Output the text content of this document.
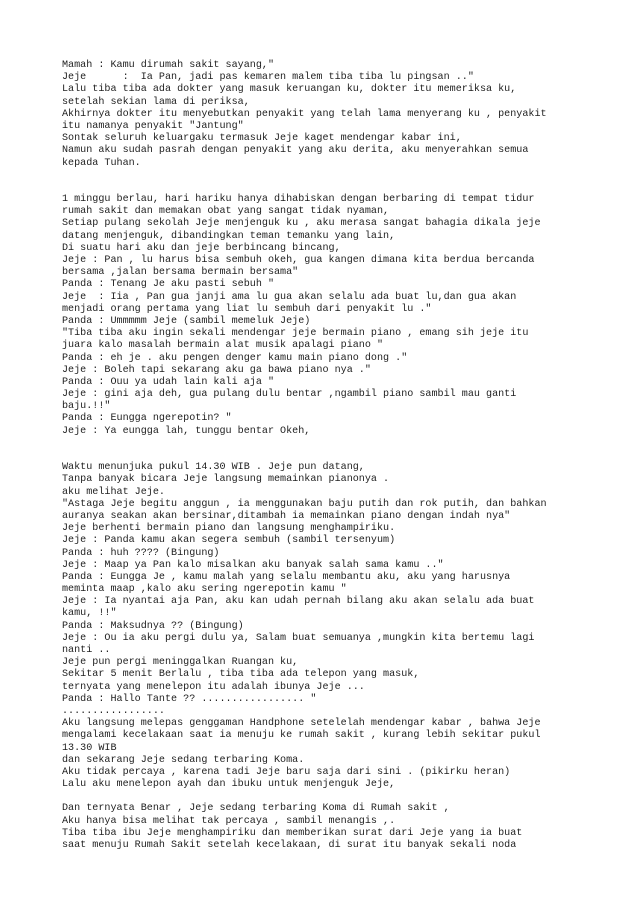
Mamah : Kamu dirumah sakit sayang,"
Jeje      :  Ia Pan, jadi pas kemaren malem tiba tiba lu pingsan .."
Lalu tiba tiba ada dokter yang masuk keruangan ku, dokter itu memeriksa ku,
setelah sekian lama di periksa,
Akhirnya dokter itu menyebutkan penyakit yang telah lama menyerang ku , penyakit
itu namanya penyakit "Jantung"
Sontak seluruh keluargaku termasuk Jeje kaget mendengar kabar ini,
Namun aku sudah pasrah dengan penyakit yang aku derita, aku menyerahkan semua
kepada Tuhan.
1 minggu berlau, hari hariku hanya dihabiskan dengan berbaring di tempat tidur
rumah sakit dan memakan obat yang sangat tidak nyaman,
Setiap pulang sekolah Jeje menjenguk ku , aku merasa sangat bahagia dikala jeje
datang menjenguk, dibandingkan teman temanku yang lain,
Di suatu hari aku dan jeje berbincang bincang,
Jeje : Pan , lu harus bisa sembuh okeh, gua kangen dimana kita berdua bercanda
bersama ,jalan bersama bermain bersama"
Panda : Tenang Je aku pasti sebuh "
Jeje  : Iia , Pan gua janji ama lu gua akan selalu ada buat lu,dan gua akan
menjadi orang pertama yang liat lu sembuh dari penyakit lu ."
Panda : Ummmmm Jeje (sambil memeluk Jeje)
"Tiba tiba aku ingin sekali mendengar jeje bermain piano , emang sih jeje itu
juara kalo masalah bermain alat musik apalagi piano "
Panda : eh je . aku pengen denger kamu main piano dong ."
Jeje : Boleh tapi sekarang aku ga bawa piano nya ."
Panda : Ouu ya udah lain kali aja "
Jeje : gini aja deh, gua pulang dulu bentar ,ngambil piano sambil mau ganti
baju.!!"
Panda : Eungga ngerepotin? "
Jeje : Ya eungga lah, tunggu bentar Okeh,
Waktu menunjuka pukul 14.30 WIB . Jeje pun datang,
Tanpa banyak bicara Jeje langsung memainkan pianonya .
aku melihat Jeje.
"Astaga Jeje begitu anggun , ia menggunakan baju putih dan rok putih, dan bahkan
auranya seakan akan bersinar,ditambah ia memainkan piano dengan indah nya"
Jeje berhenti bermain piano dan langsung menghampiriku.
Jeje : Panda kamu akan segera sembuh (sambil tersenyum)
Panda : huh ???? (Bingung)
Jeje : Maap ya Pan kalo misalkan aku banyak salah sama kamu .."
Panda : Eungga Je , kamu malah yang selalu membantu aku, aku yang harusnya
meminta maap ,kalo aku sering ngerepotin kamu "
Jeje : Ia nyantai aja Pan, aku kan udah pernah bilang aku akan selalu ada buat
kamu, !!"
Panda : Maksudnya ?? (Bingung)
Jeje : Ou ia aku pergi dulu ya, Salam buat semuanya ,mungkin kita bertemu lagi
nanti ..
Jeje pun pergi meninggalkan Ruangan ku,
Sekitar 5 menit Berlalu , tiba tiba ada telepon yang masuk,
ternyata yang menelepon itu adalah ibunya Jeje ...
Panda : Hallo Tante ?? ................. "
.................
Aku langsung melepas genggaman Handphone setelelah mendengar kabar , bahwa Jeje
mengalami kecelakaan saat ia menuju ke rumah sakit , kurang lebih sekitar pukul
13.30 WIB
dan sekarang Jeje sedang terbaring Koma.
Aku tidak percaya , karena tadi Jeje baru saja dari sini . (pikirku heran)
Lalu aku menelepon ayah dan ibuku untuk menjenguk Jeje,
Dan ternyata Benar , Jeje sedang terbaring Koma di Rumah sakit ,
Aku hanya bisa melihat tak percaya , sambil menangis ,.
Tiba tiba ibu Jeje menghampiriku dan memberikan surat dari Jeje yang ia buat
saat menuju Rumah Sakit setelah kecelakaan, di surat itu banyak sekali noda
